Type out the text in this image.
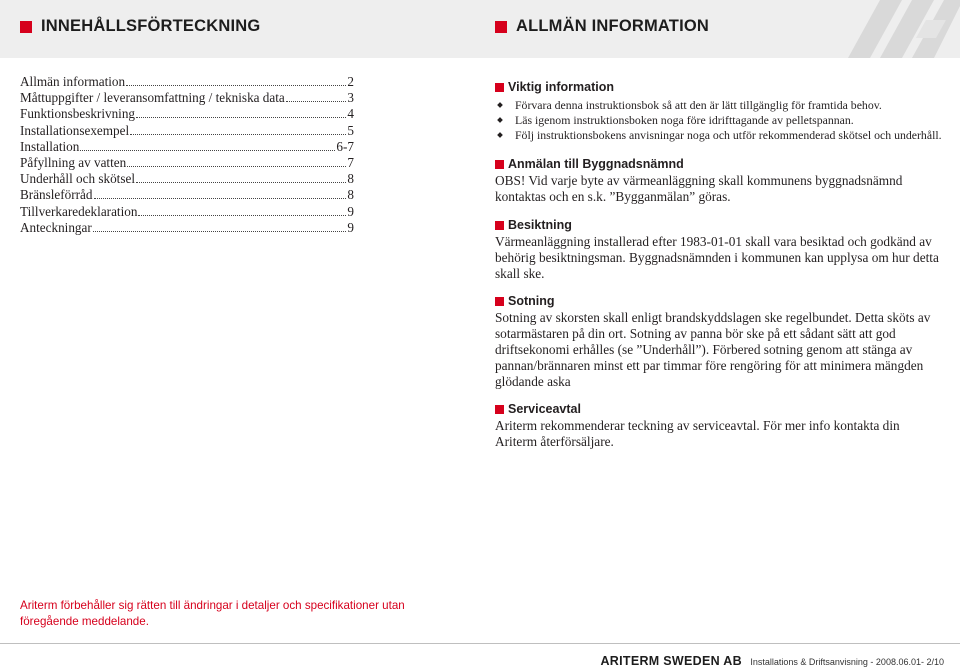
INNEHÅLLSFÖRTECKNING	ALLMÄN INFORMATION
Allmän information	2
Måttuppgifter / leveransomfattning / tekniska data	3
Funktionsbeskrivning	4
Installationsexempel	5
Installation	6-7
Påfyllning av vatten	7
Underhåll och skötsel	8
Bränsleförråd	8
Tillverkaredeklaration	9
Anteckningar	9
Viktig information
Förvara denna instruktionsbok så att den är lätt tillgänglig för framtida behov.
Läs igenom instruktionsboken noga före idrifttagande av pelletspannan.
Följ instruktionsbokens anvisningar noga och utför rekommenderad skötsel och underhåll.
Anmälan till Byggnadsnämnd
OBS! Vid varje byte av värmeanläggning skall kommunens byggnadsnämnd kontaktas och en s.k. ”Bygganmälan” göras.
Besiktning
Värmeanläggning installerad efter 1983-01-01 skall vara besiktad och godkänd av behörig besiktningsman. Byggnadsnämnden i kommunen kan upplysa om hur detta skall ske.
Sotning
Sotning av skorsten skall enligt brandskyddslagen ske regelbundet. Detta sköts av sotarmästaren på din ort. Sotning av panna bör ske på ett sådant sätt att god driftsekonomi erhålles (se ”Underhåll”). Förbered sotning genom att stänga av pannan/brännaren minst ett par timmar före rengöring för att minimera mängden glödande aska
Serviceavtal
Ariterm rekommenderar teckning av serviceavtal. För mer info kontakta din Ariterm återförsäljare.
Ariterm förbehåller sig rätten till ändringar i detaljer och specifikationer utan föregående meddelande.
ARITERM SWEDEN AB Installations & Driftsanvisning - 2008.06.01- 2/10
